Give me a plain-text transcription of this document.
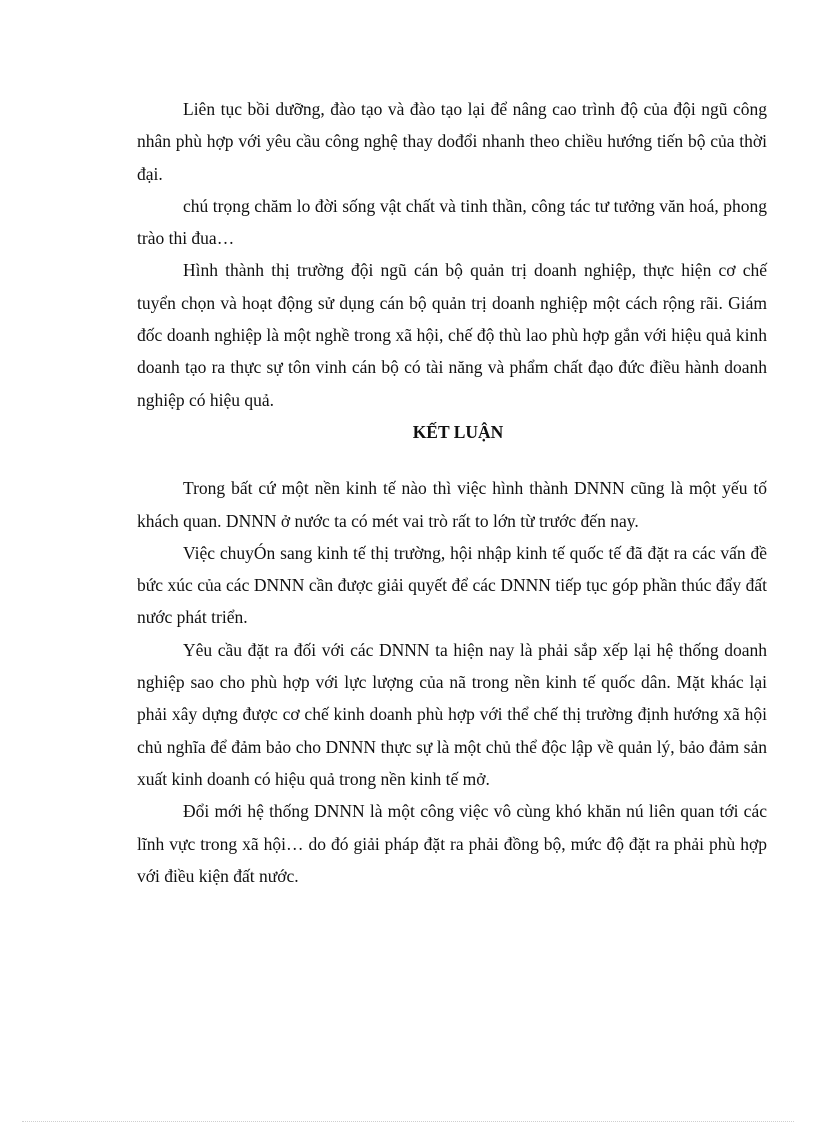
Liên tục bồi dưỡng, đào tạo và đào tạo lại để nâng cao trình độ của đội ngũ công nhân phù hợp với yêu cầu công nghệ thay dođổi nhanh theo chiều hướng tiến bộ của thời đại.

chú trọng chăm lo đời sống vật chất và tinh thần, công tác tư tưởng văn hoá, phong trào thi đua…

Hình thành thị trường đội ngũ cán bộ quản trị doanh nghiệp, thực hiện cơ chế tuyển chọn và hoạt động sử dụng cán bộ quản trị doanh nghiệp một cách rộng rãi. Giám đốc doanh nghiệp là một nghề trong xã hội, chế độ thù lao phù hợp gắn với hiệu quả kinh doanh tạo ra thực sự tôn vinh cán bộ có tài năng và phẩm chất đạo đức điều hành doanh nghiệp có hiệu quả.

KẾT LUẬN

Trong bất cứ một nền kinh tế nào thì việc hình thành DNNN cũng là một yếu tố khách quan. DNNN ở nước ta có mét vai trò rất to lớn từ trước đến nay.

Việc chuyÓn sang kinh tế thị trường, hội nhập kinh tế quốc tế đã đặt ra các vấn đề bức xúc của các DNNN cần được giải quyết để các DNNN tiếp tục góp phần thúc đẩy đất nước phát triển.

Yêu cầu đặt ra đối với các DNNN ta hiện nay là phải sắp xếp lại hệ thống doanh nghiệp sao cho phù hợp với lực lượng của nã trong nền kinh tế quốc dân. Mặt khác lại phải xây dựng được cơ chế kinh doanh phù hợp với thể chế thị trường định hướng xã hội chủ nghĩa để đảm bảo cho DNNN thực sự là một chủ thể độc lập về quản lý, bảo đảm sản xuất kinh doanh có hiệu quả trong nền kinh tế mở.

Đổi mới hệ thống DNNN là một công việc vô cùng khó khăn nú liên quan tới các lĩnh vực trong xã hội… do đó giải pháp đặt ra phải đồng bộ, mức độ đặt ra phải phù hợp với điều kiện đất nước.
